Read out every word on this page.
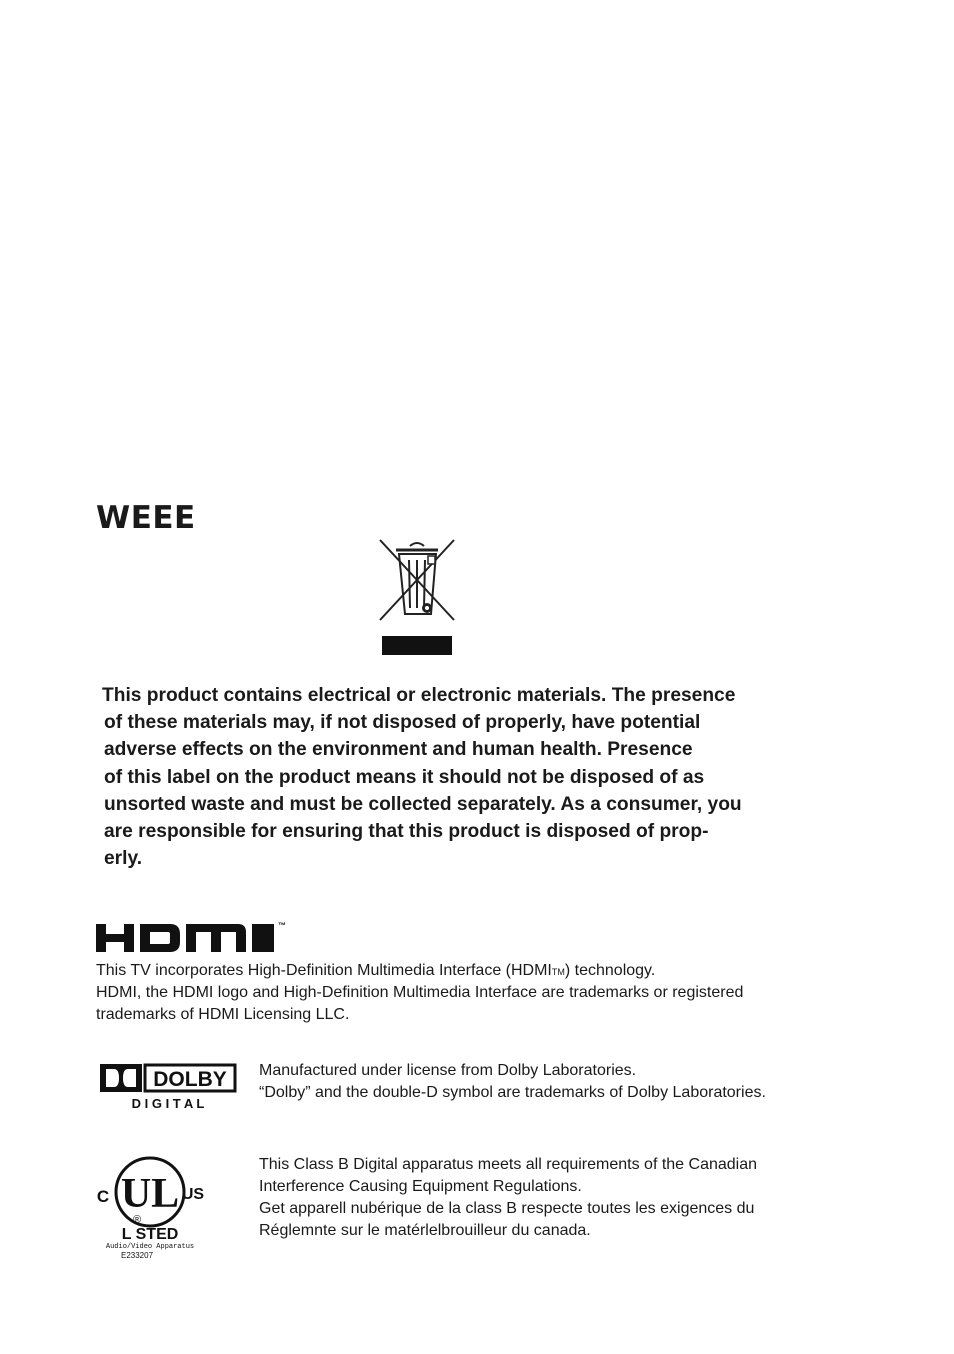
WEEE
This product contains electrical or electronic materials. The presence
of these materials may, if not disposed of properly, have potential
adverse effects on the environment and human health. Presence
of this label on the product means it should not be disposed of as
unsorted waste and must be collected separately. As a consumer, you
are responsible for ensuring that this product is disposed of prop-
erly.
™
This TV incorporates High-Definition Multimedia Interface (HDMI™) technology.
HDMI, the HDMI logo and High-Definition Multimedia Interface are trademarks or registered
trademarks of HDMI Licensing LLC.
DOLBY
D I G I T A L
Manufactured under license from Dolby Laboratories.
“Dolby” and the double-D symbol are trademarks of Dolby Laboratories.
UL
C	US
®
L STED
Audio/Video Apparatus
E233207
This Class B Digital apparatus meets all requirements of the Canadian
Interference Causing Equipment Regulations.
Get apparell nubérique de la class B respecte toutes les exigences du
Réglemnte sur le matérlelbrouilleur du canada.
